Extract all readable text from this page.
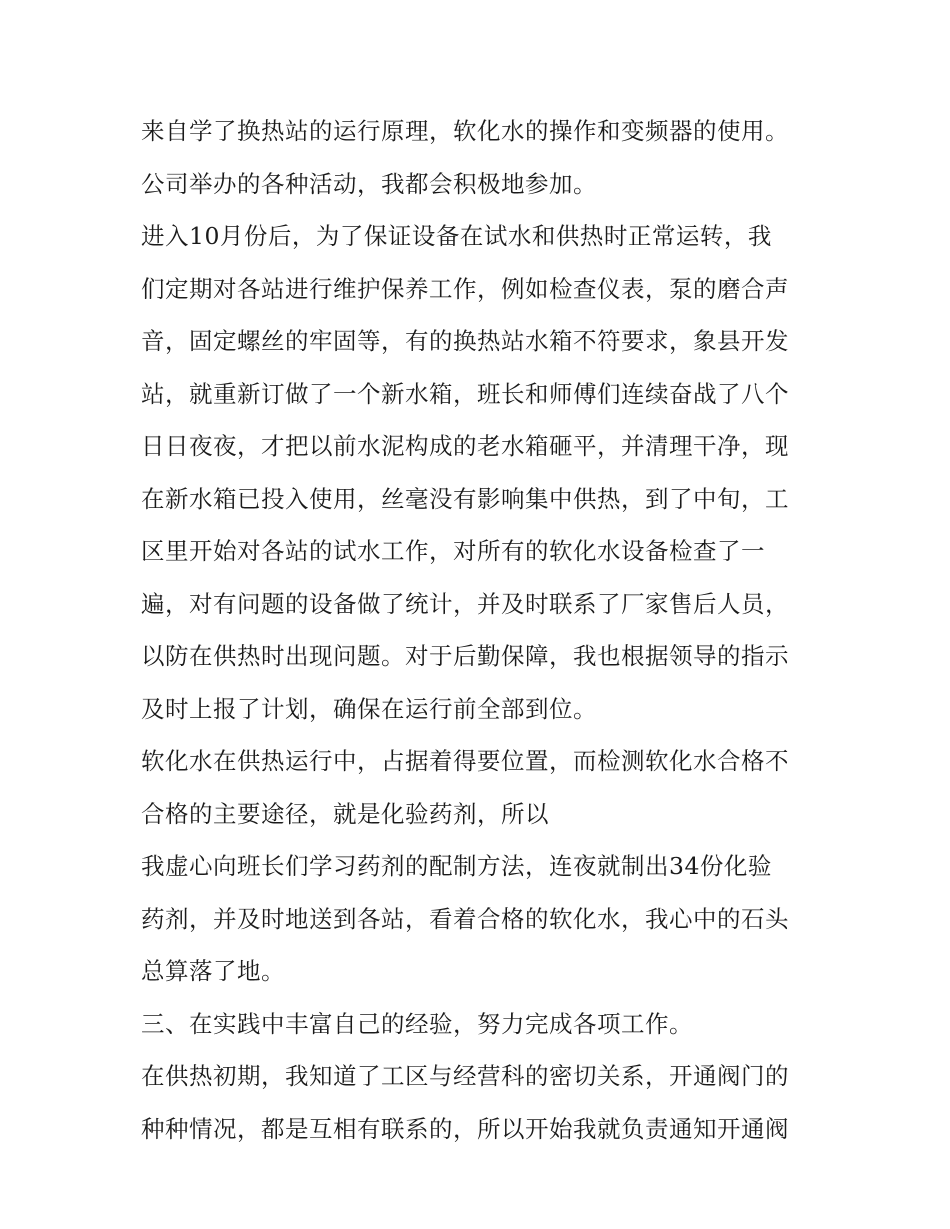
来自学了换热站的运行原理，软化水的操作和变频器的使用。
公司举办的各种活动，我都会积极地参加。
进入10月份后，为了保证设备在试水和供热时正常运转，我
们定期对各站进行维护保养工作，例如检查仪表，泵的磨合声
音，固定螺丝的牢固等，有的换热站水箱不符要求，象县开发
站，就重新订做了一个新水箱，班长和师傅们连续奋战了八个
日日夜夜，才把以前水泥构成的老水箱砸平，并清理干净，现
在新水箱已投入使用，丝毫没有影响集中供热，到了中旬，工
区里开始对各站的试水工作，对所有的软化水设备检查了一
遍，对有问题的设备做了统计，并及时联系了厂家售后人员，
以防在供热时出现问题。对于后勤保障，我也根据领导的指示
及时上报了计划，确保在运行前全部到位。
软化水在供热运行中，占据着得要位置，而检测软化水合格不
合格的主要途径，就是化验药剂，所以
我虚心向班长们学习药剂的配制方法，连夜就制出34份化验
药剂，并及时地送到各站，看着合格的软化水，我心中的石头
总算落了地。
三、在实践中丰富自己的经验，努力完成各项工作。
在供热初期，我知道了工区与经营科的密切关系，开通阀门的
种种情况，都是互相有联系的，所以开始我就负责通知开通阀
